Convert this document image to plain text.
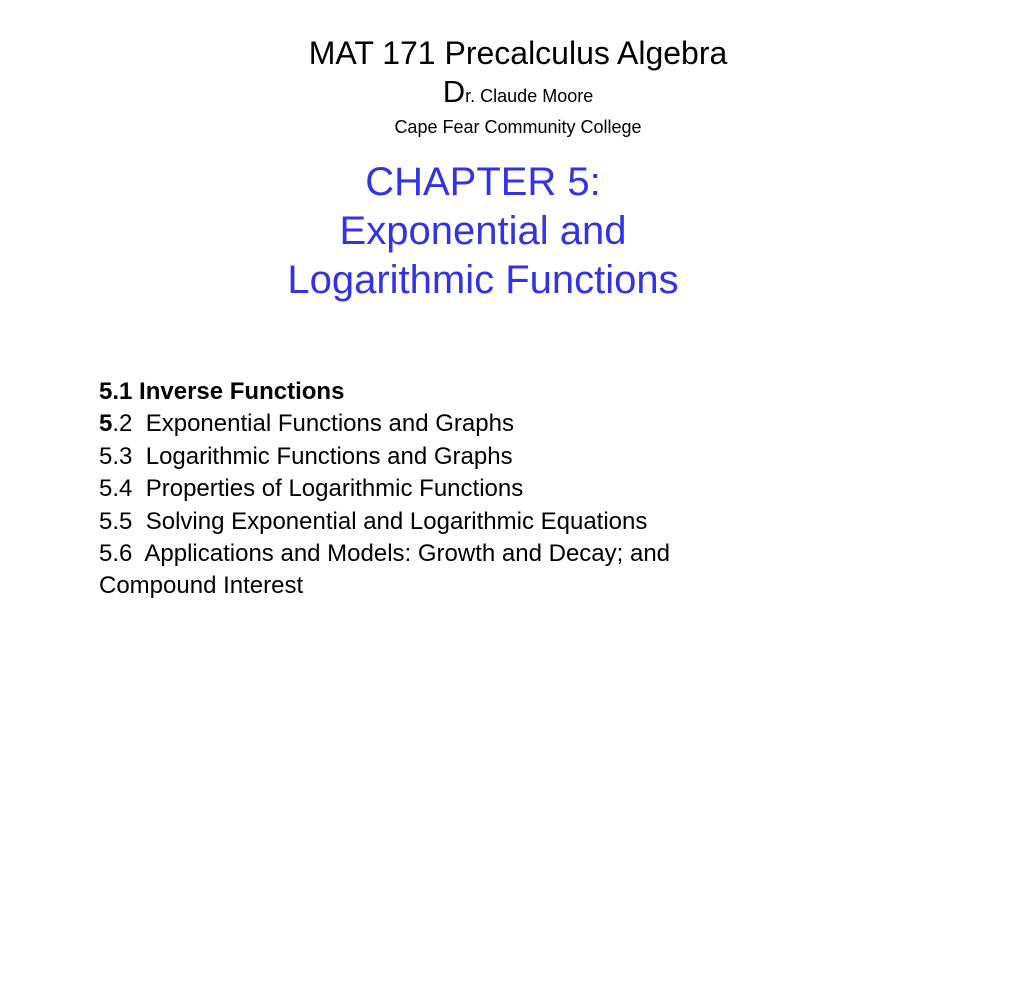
MAT 171 Precalculus Algebra
Dr. Claude Moore
Cape Fear Community College
CHAPTER 5:
Exponential and
Logarithmic Functions
5.1 Inverse Functions
5.2 Exponential Functions and Graphs
5.3 Logarithmic Functions and Graphs
5.4 Properties of Logarithmic Functions
5.5 Solving Exponential and Logarithmic Equations
5.6 Applications and Models: Growth and Decay; and Compound Interest
